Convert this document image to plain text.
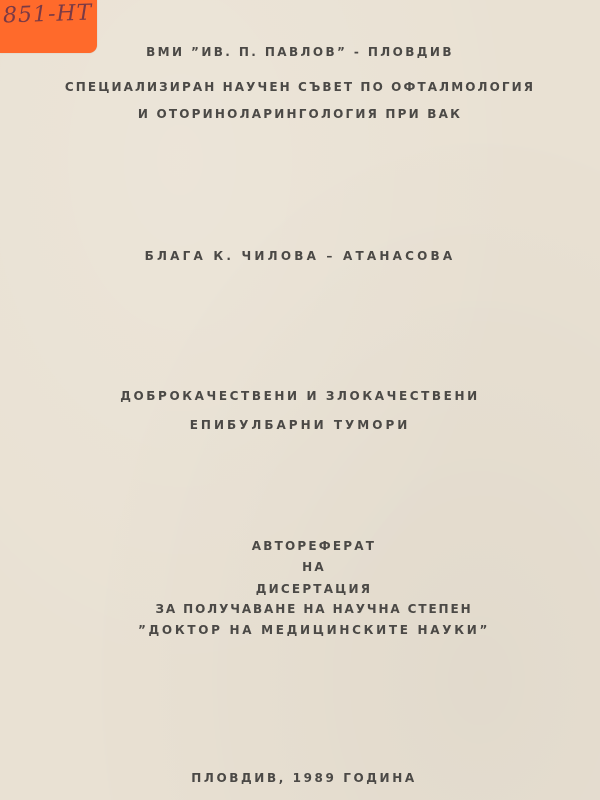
851-НТ
ВМИ ”ИВ. П. ПАВЛОВ” - ПЛОВДИВ
СПЕЦИАЛИЗИРАН НАУЧЕН СЪВЕТ ПО ОФТАЛМОЛОГИЯ
И ОТОРИНОЛАРИНГОЛОГИЯ ПРИ ВАК
БЛАГА К. ЧИЛОВА – АТАНАСОВА
ДОБРОКАЧЕСТВЕНИ И ЗЛОКАЧЕСТВЕНИ
ЕПИБУЛБАРНИ ТУМОРИ
АВТОРЕФЕРАТ
НА
ДИСЕРТАЦИЯ
ЗА ПОЛУЧАВАНЕ НА НАУЧНА СТЕПЕН
”ДОКТОР НА МЕДИЦИНСКИТЕ НАУКИ”
ПЛОВДИВ, 1989 ГОДИНА
